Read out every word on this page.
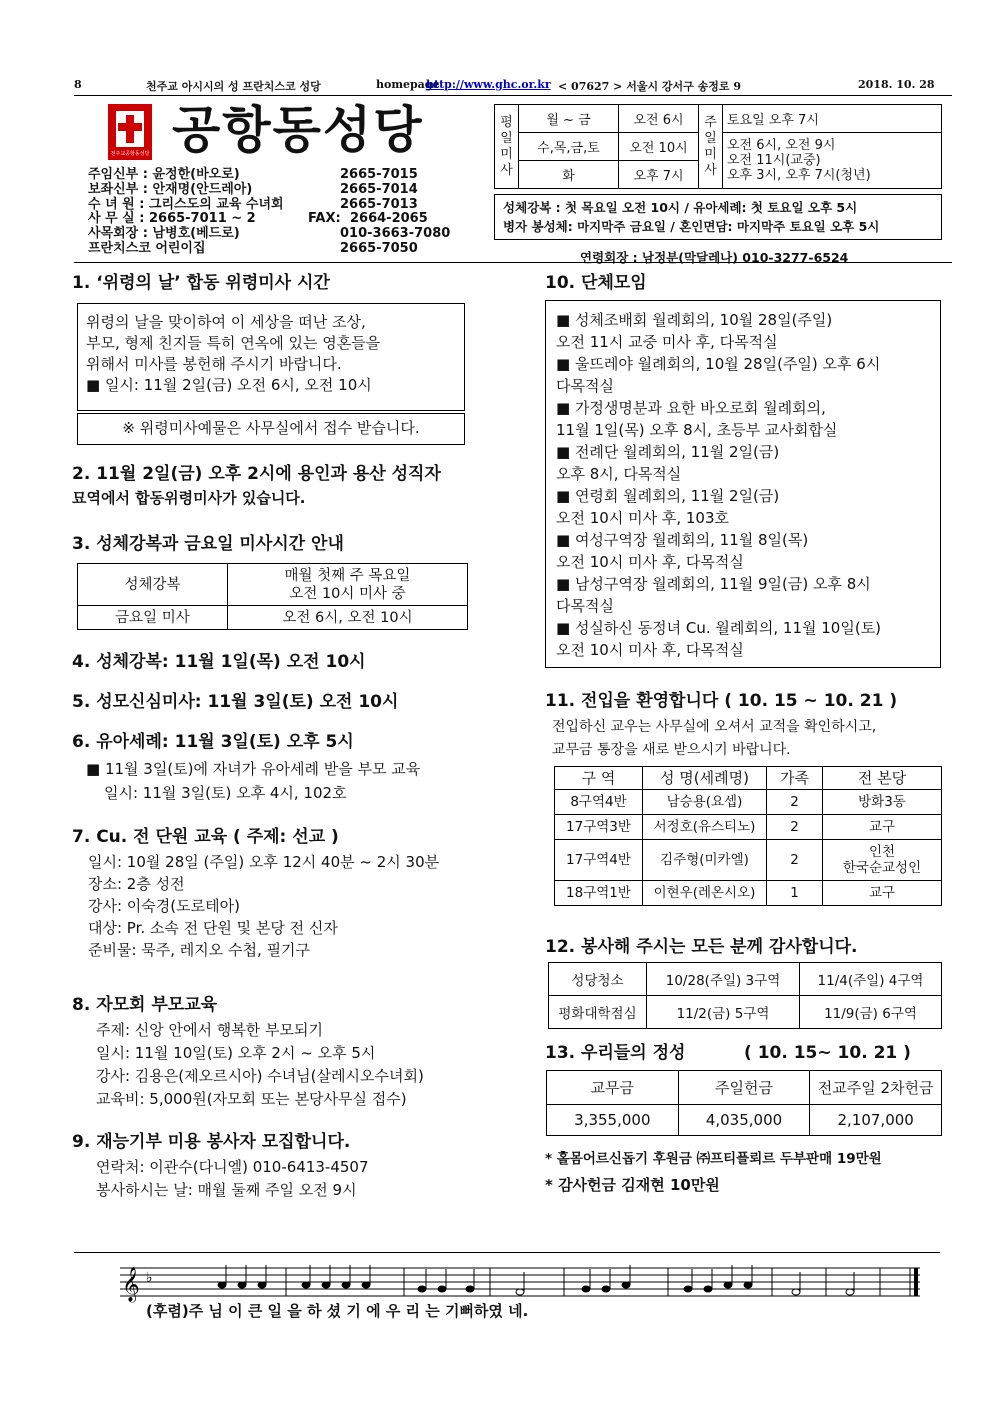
8	천주교 아시시의 성 프란치스코 성당	homepage
http://www.ghc.or.kr < 07627 > 서울시 강서구 송정로 9	2018. 10. 28
천주교공항동성당 공항동성당
주임신부 : 윤정한(바오로)	2665-7015
보좌신부 : 안재명(안드레아)	2665-7014
수 녀 원 : 그리스도의 교육 수녀회	2665-7013
사 무 실 : 2665-7011 ~ 2	FAX: 2664-2065
사목회장 : 남병호(베드로)	010-3663-7080
프란치스코 어린이집	2665-7050
평일미사	월 ~ 금	오전 6시	주일미사	토요일 오후 7시
	수,목,금,토	오전 10시		오전 6시, 오전 9시
오전 11시(교중)
오후 3시, 오후 7시(청년)

	화	오후 7시		
성체강복 : 첫 목요일 오전 10시 / 유아세례: 첫 토요일 오후 5시
병자 봉성체: 마지막주 금요일 / 혼인면담: 마지막주 토요일 오후 5시
연령회장 : 남정분(막달레나) 010-3277-6524
1. ‘위령의 날’ 합동 위령미사 시간
위령의 날을 맞이하여 이 세상을 떠난 조상,
부모, 형제 친지들 특히 연옥에 있는 영혼들을
위해서 미사를 봉헌해 주시기 바랍니다.
■ 일시: 11월 2일(금) 오전 6시, 오전 10시
※ 위령미사예물은 사무실에서 접수 받습니다.
2. 11월 2일(금) 오후 2시에 용인과 용산 성직자
묘역에서 합동위령미사가 있습니다.
3. 성체강복과 금요일 미사시간 안내
성체강복	매월 첫째 주 목요일
오전 10시 미사 중

금요일 미사	오전 6시, 오전 10시
4. 성체강복: 11월 1일(목) 오전 10시
5. 성모신심미사: 11월 3일(토) 오전 10시
6. 유아세례: 11월 3일(토) 오후 5시
■ 11월 3일(토)에 자녀가 유아세례 받을 부모 교육
일시: 11월 3일(토) 오후 4시, 102호
7. Cu. 전 단원 교육 ( 주제: 선교 )
일시: 10월 28일 (주일) 오후 12시 40분 ~ 2시 30분
장소: 2층 성전
강사: 이숙경(도로테아)
대상: Pr. 소속 전 단원 및 본당 전 신자
준비물: 묵주, 레지오 수첩, 필기구
8. 자모회 부모교육
주제: 신앙 안에서 행복한 부모되기
일시: 11월 10일(토) 오후 2시 ~ 오후 5시
강사: 김용은(제오르시아) 수녀님(살레시오수녀회)
교육비: 5,000원(자모회 또는 본당사무실 접수)
9. 재능기부 미용 봉사자 모집합니다.
연락처: 이관수(다니엘) 010-6413-4507
봉사하시는 날: 매월 둘째 주일 오전 9시
10. 단체모임
■ 성체조배회 월례회의, 10월 28일(주일)
오전 11시 교중 미사 후, 다목적실
■ 울뜨레야 월례회의, 10월 28일(주일) 오후 6시
다목적실
■ 가정생명분과 요한 바오로회 월례회의,
11월 1일(목) 오후 8시, 초등부 교사회합실
■ 전례단 월례회의, 11월 2일(금)
오후 8시, 다목적실
■ 연령회 월례회의, 11월 2일(금)
오전 10시 미사 후, 103호
■ 여성구역장 월례회의, 11월 8일(목)
오전 10시 미사 후, 다목적실
■ 남성구역장 월례회의, 11월 9일(금) 오후 8시
다목적실
■ 성실하신 동정녀 Cu. 월례회의, 11월 10일(토)
오전 10시 미사 후, 다목적실
11. 전입을 환영합니다 ( 10. 15 ~ 10. 21 )
전입하신 교우는 사무실에 오셔서 교적을 확인하시고,
교무금 통장을 새로 받으시기 바랍니다.
구 역	성 명(세례명)	가족	전 본당
8구역4반	남승용(요셉)	2	방화3동
17구역3반	서정호(유스티노)	2	교구
17구역4반	김주형(미카엘)	2	인천
한국순교성인

18구역1반	이현우(레온시오)	1	교구
12. 봉사해 주시는 모든 분께 감사합니다.
성당청소	10/28(주일) 3구역	11/4(주일) 4구역
평화대학점심	11/2(금) 5구역	11/9(금) 6구역
13. 우리들의 정성	( 10. 15~ 10. 21 )
교무금	주일헌금	전교주일 2차헌금
3,355,000	4,035,000	2,107,000
* 홀몸어르신돕기 후원금 ㈜프티플뢰르 두부판매 19만원
* 감사헌금 김재현 10만원
𝄞 ♭
(후렴)주 님 이 큰 일 을 하 셨 기 에 우 리 는 기뻐하였 네.
